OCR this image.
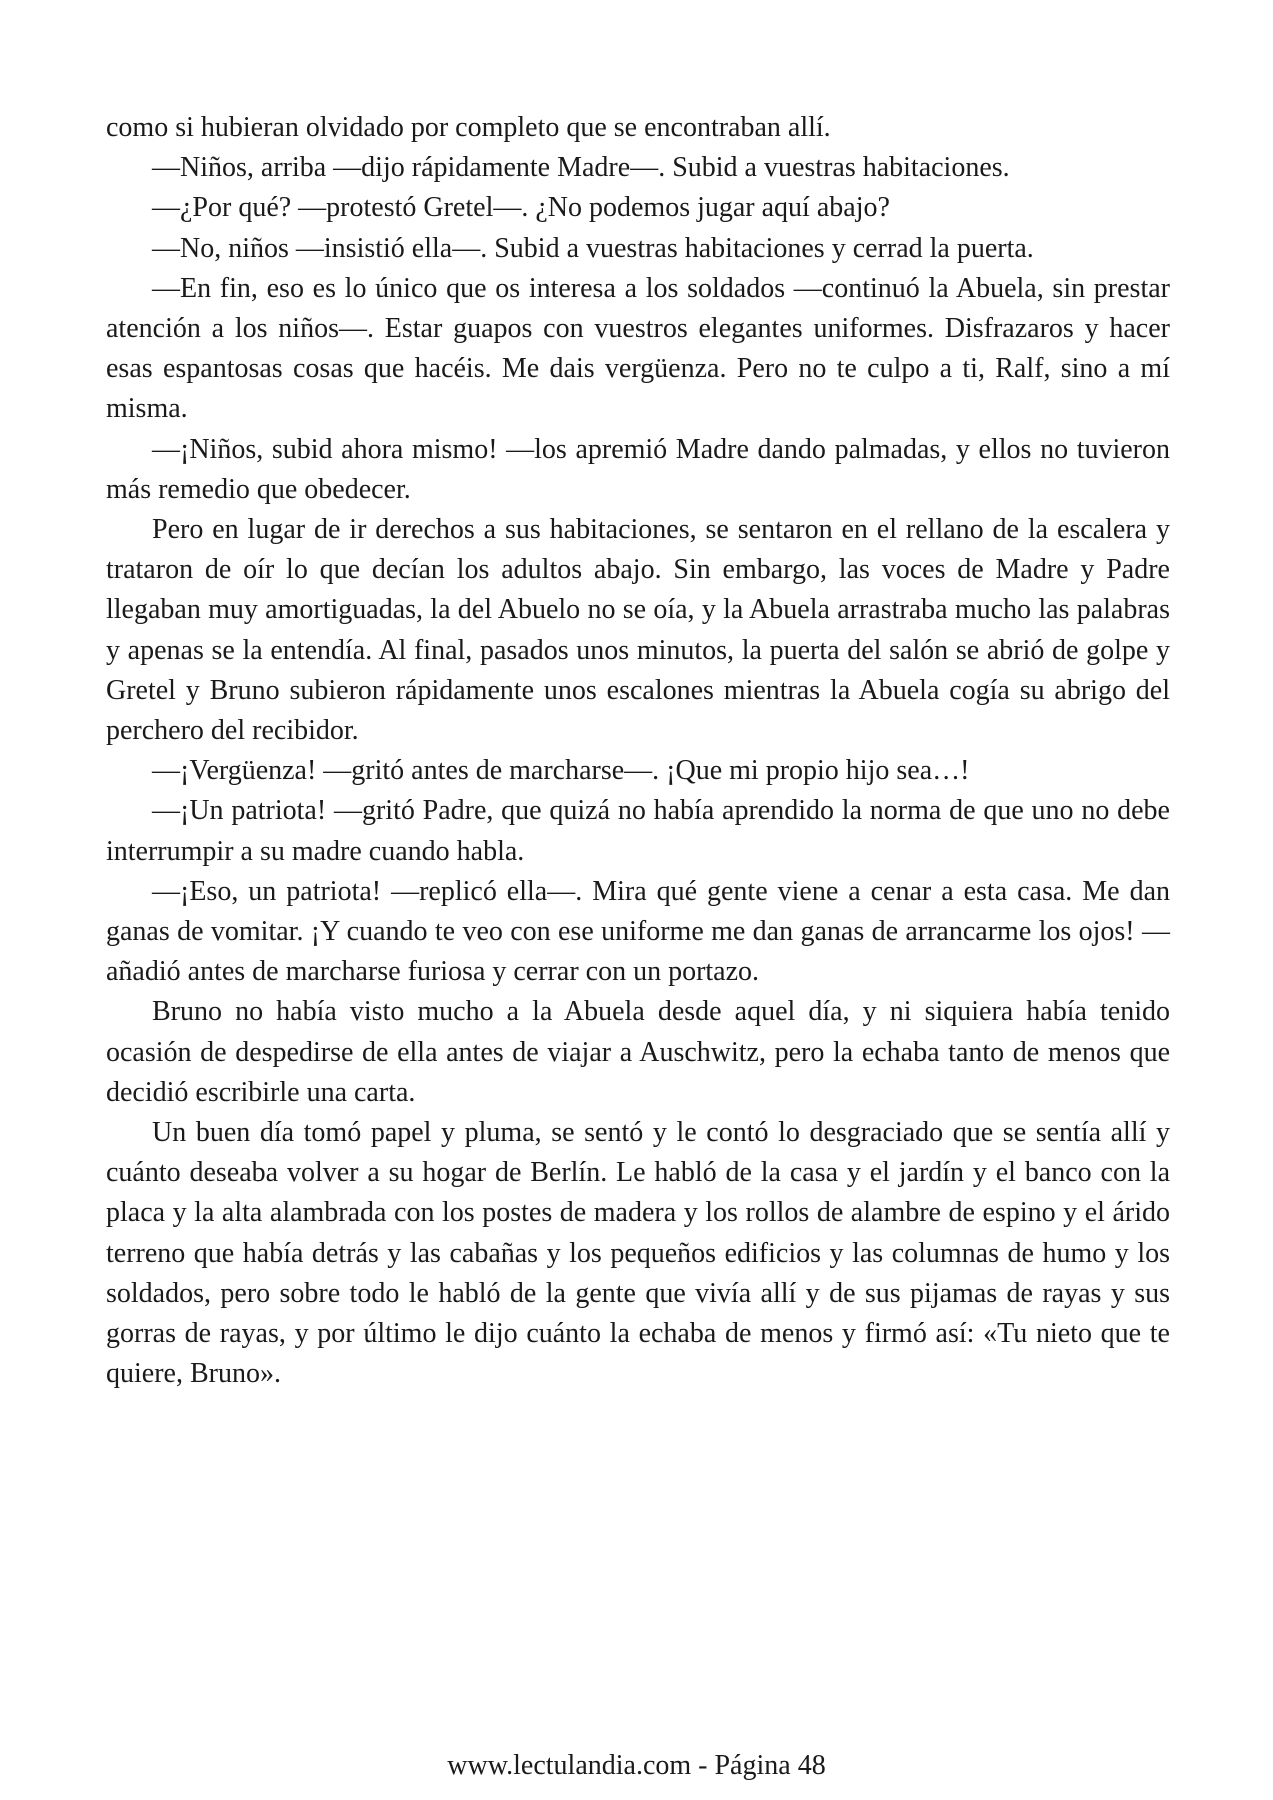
como si hubieran olvidado por completo que se encontraban allí.

—Niños, arriba —dijo rápidamente Madre—. Subid a vuestras habitaciones.

—¿Por qué? —protestó Gretel—. ¿No podemos jugar aquí abajo?

—No, niños —insistió ella—. Subid a vuestras habitaciones y cerrad la puerta.

—En fin, eso es lo único que os interesa a los soldados —continuó la Abuela, sin prestar atención a los niños—. Estar guapos con vuestros elegantes uniformes. Disfrazaros y hacer esas espantosas cosas que hacéis. Me dais vergüenza. Pero no te culpo a ti, Ralf, sino a mí misma.

—¡Niños, subid ahora mismo! —los apremió Madre dando palmadas, y ellos no tuvieron más remedio que obedecer.

Pero en lugar de ir derechos a sus habitaciones, se sentaron en el rellano de la escalera y trataron de oír lo que decían los adultos abajo. Sin embargo, las voces de Madre y Padre llegaban muy amortiguadas, la del Abuelo no se oía, y la Abuela arrastraba mucho las palabras y apenas se la entendía. Al final, pasados unos minutos, la puerta del salón se abrió de golpe y Gretel y Bruno subieron rápidamente unos escalones mientras la Abuela cogía su abrigo del perchero del recibidor.

—¡Vergüenza! —gritó antes de marcharse—. ¡Que mi propio hijo sea…!

—¡Un patriota! —gritó Padre, que quizá no había aprendido la norma de que uno no debe interrumpir a su madre cuando habla.

—¡Eso, un patriota! —replicó ella—. Mira qué gente viene a cenar a esta casa. Me dan ganas de vomitar. ¡Y cuando te veo con ese uniforme me dan ganas de arrancarme los ojos! —añadió antes de marcharse furiosa y cerrar con un portazo.

Bruno no había visto mucho a la Abuela desde aquel día, y ni siquiera había tenido ocasión de despedirse de ella antes de viajar a Auschwitz, pero la echaba tanto de menos que decidió escribirle una carta.

Un buen día tomó papel y pluma, se sentó y le contó lo desgraciado que se sentía allí y cuánto deseaba volver a su hogar de Berlín. Le habló de la casa y el jardín y el banco con la placa y la alta alambrada con los postes de madera y los rollos de alambre de espino y el árido terreno que había detrás y las cabañas y los pequeños edificios y las columnas de humo y los soldados, pero sobre todo le habló de la gente que vivía allí y de sus pijamas de rayas y sus gorras de rayas, y por último le dijo cuánto la echaba de menos y firmó así: «Tu nieto que te quiere, Bruno».

www.lectulandia.com - Página 48
